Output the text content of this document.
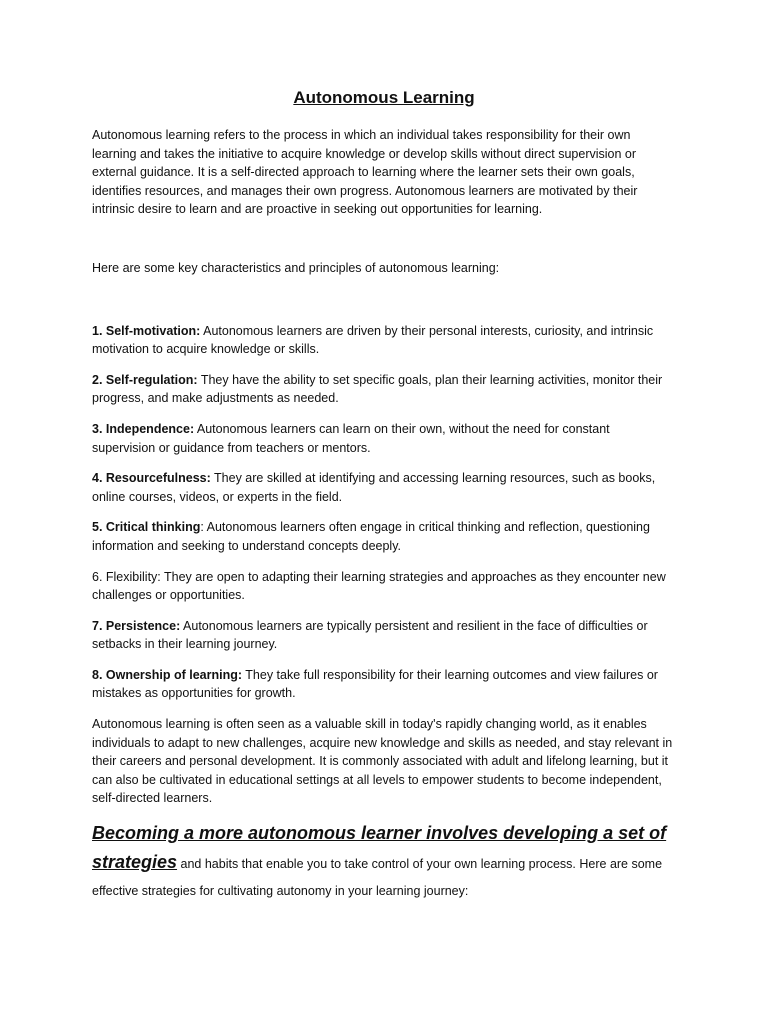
Autonomous Learning

Autonomous learning refers to the process in which an individual takes responsibility for their own learning and takes the initiative to acquire knowledge or develop skills without direct supervision or external guidance. It is a self-directed approach to learning where the learner sets their own goals, identifies resources, and manages their own progress. Autonomous learners are motivated by their intrinsic desire to learn and are proactive in seeking out opportunities for learning.

Here are some key characteristics and principles of autonomous learning:

1. Self-motivation: Autonomous learners are driven by their personal interests, curiosity, and intrinsic motivation to acquire knowledge or skills.

2. Self-regulation: They have the ability to set specific goals, plan their learning activities, monitor their progress, and make adjustments as needed.

3. Independence: Autonomous learners can learn on their own, without the need for constant supervision or guidance from teachers or mentors.

4. Resourcefulness: They are skilled at identifying and accessing learning resources, such as books, online courses, videos, or experts in the field.

5. Critical thinking: Autonomous learners often engage in critical thinking and reflection, questioning information and seeking to understand concepts deeply.

6. Flexibility: They are open to adapting their learning strategies and approaches as they encounter new challenges or opportunities.

7. Persistence: Autonomous learners are typically persistent and resilient in the face of difficulties or setbacks in their learning journey.

8. Ownership of learning: They take full responsibility for their learning outcomes and view failures or mistakes as opportunities for growth.

Autonomous learning is often seen as a valuable skill in today's rapidly changing world, as it enables individuals to adapt to new challenges, acquire new knowledge and skills as needed, and stay relevant in their careers and personal development. It is commonly associated with adult and lifelong learning, but it can also be cultivated in educational settings at all levels to empower students to become independent, self-directed learners.

Becoming a more autonomous learner involves developing a set of strategies and habits that enable you to take control of your own learning process. Here are some effective strategies for cultivating autonomy in your learning journey:
